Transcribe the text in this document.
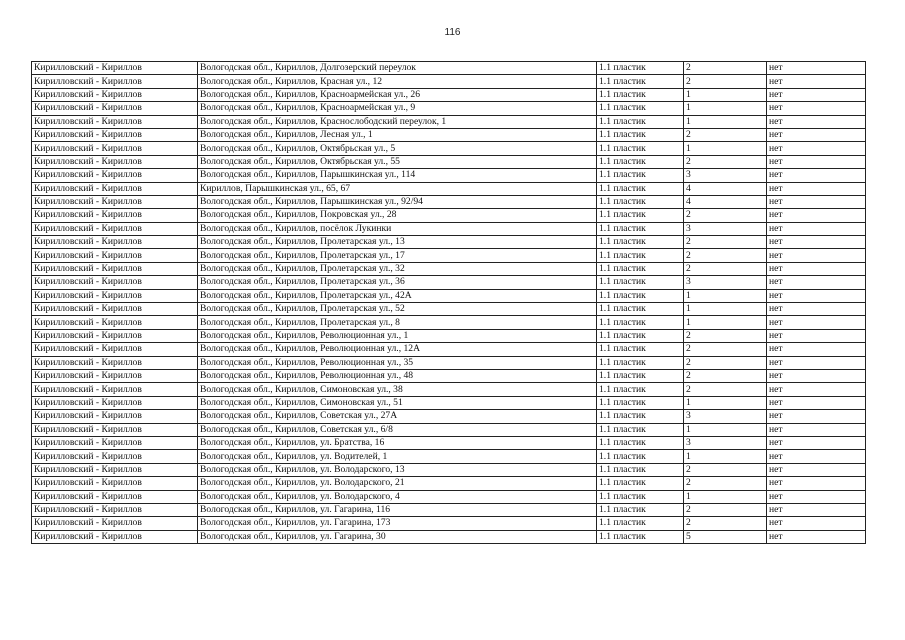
116
Кирилловский - Кириллов	Вологодская обл., Кириллов, Долгозерский переулок	1.1 пластик	2	нет
Кирилловский - Кириллов	Вологодская обл., Кириллов, Красная ул., 12	1.1 пластик	2	нет
Кирилловский - Кириллов	Вологодская обл., Кириллов, Красноармейская ул., 26	1.1 пластик	1	нет
Кирилловский - Кириллов	Вологодская обл., Кириллов, Красноармейская ул., 9	1.1 пластик	1	нет
Кирилловский - Кириллов	Вологодская обл., Кириллов, Краснослободский переулок, 1	1.1 пластик	1	нет
Кирилловский - Кириллов	Вологодская обл., Кириллов, Лесная ул., 1	1.1 пластик	2	нет
Кирилловский - Кириллов	Вологодская обл., Кириллов, Октябрьская ул., 5	1.1 пластик	1	нет
Кирилловский - Кириллов	Вологодская обл., Кириллов, Октябрьская ул., 55	1.1 пластик	2	нет
Кирилловский - Кириллов	Вологодская обл., Кириллов, Парышкинская ул., 114	1.1 пластик	3	нет
Кирилловский - Кириллов	Кириллов, Парышкинская ул., 65, 67	1.1 пластик	4	нет
Кирилловский - Кириллов	Вологодская обл., Кириллов, Парышкинская ул., 92/94	1.1 пластик	4	нет
Кирилловский - Кириллов	Вологодская обл., Кириллов, Покровская ул., 28	1.1 пластик	2	нет
Кирилловский - Кириллов	Вологодская обл., Кириллов, посёлок Лукинки	1.1 пластик	3	нет
Кирилловский - Кириллов	Вологодская обл., Кириллов, Пролетарская ул., 13	1.1 пластик	2	нет
Кирилловский - Кириллов	Вологодская обл., Кириллов, Пролетарская ул., 17	1.1 пластик	2	нет
Кирилловский - Кириллов	Вологодская обл., Кириллов, Пролетарская ул., 32	1.1 пластик	2	нет
Кирилловский - Кириллов	Вологодская обл., Кириллов, Пролетарская ул., 36	1.1 пластик	3	нет
Кирилловский - Кириллов	Вологодская обл., Кириллов, Пролетарская ул., 42А	1.1 пластик	1	нет
Кирилловский - Кириллов	Вологодская обл., Кириллов, Пролетарская ул., 52	1.1 пластик	1	нет
Кирилловский - Кириллов	Вологодская обл., Кириллов, Пролетарская ул., 8	1.1 пластик	1	нет
Кирилловский - Кириллов	Вологодская обл., Кириллов, Революционная ул., 1	1.1 пластик	2	нет
Кирилловский - Кириллов	Вологодская обл., Кириллов, Революционная ул., 12А	1.1 пластик	2	нет
Кирилловский - Кириллов	Вологодская обл., Кириллов, Революционная ул., 35	1.1 пластик	2	нет
Кирилловский - Кириллов	Вологодская обл., Кириллов, Революционная ул., 48	1.1 пластик	2	нет
Кирилловский - Кириллов	Вологодская обл., Кириллов, Симоновская ул., 38	1.1 пластик	2	нет
Кирилловский - Кириллов	Вологодская обл., Кириллов, Симоновская ул., 51	1.1 пластик	1	нет
Кирилловский - Кириллов	Вологодская обл., Кириллов, Советская ул., 27А	1.1 пластик	3	нет
Кирилловский - Кириллов	Вологодская обл., Кириллов, Советская ул., 6/8	1.1 пластик	1	нет
Кирилловский - Кириллов	Вологодская обл., Кириллов, ул. Братства, 16	1.1 пластик	3	нет
Кирилловский - Кириллов	Вологодская обл., Кириллов, ул. Водителей, 1	1.1 пластик	1	нет
Кирилловский - Кириллов	Вологодская обл., Кириллов, ул. Володарского, 13	1.1 пластик	2	нет
Кирилловский - Кириллов	Вологодская обл., Кириллов, ул. Володарского, 21	1.1 пластик	2	нет
Кирилловский - Кириллов	Вологодская обл., Кириллов, ул. Володарского, 4	1.1 пластик	1	нет
Кирилловский - Кириллов	Вологодская обл., Кириллов, ул. Гагарина, 116	1.1 пластик	2	нет
Кирилловский - Кириллов	Вологодская обл., Кириллов, ул. Гагарина, 173	1.1 пластик	2	нет
Кирилловский - Кириллов	Вологодская обл., Кириллов, ул. Гагарина, 30	1.1 пластик	5	нет
